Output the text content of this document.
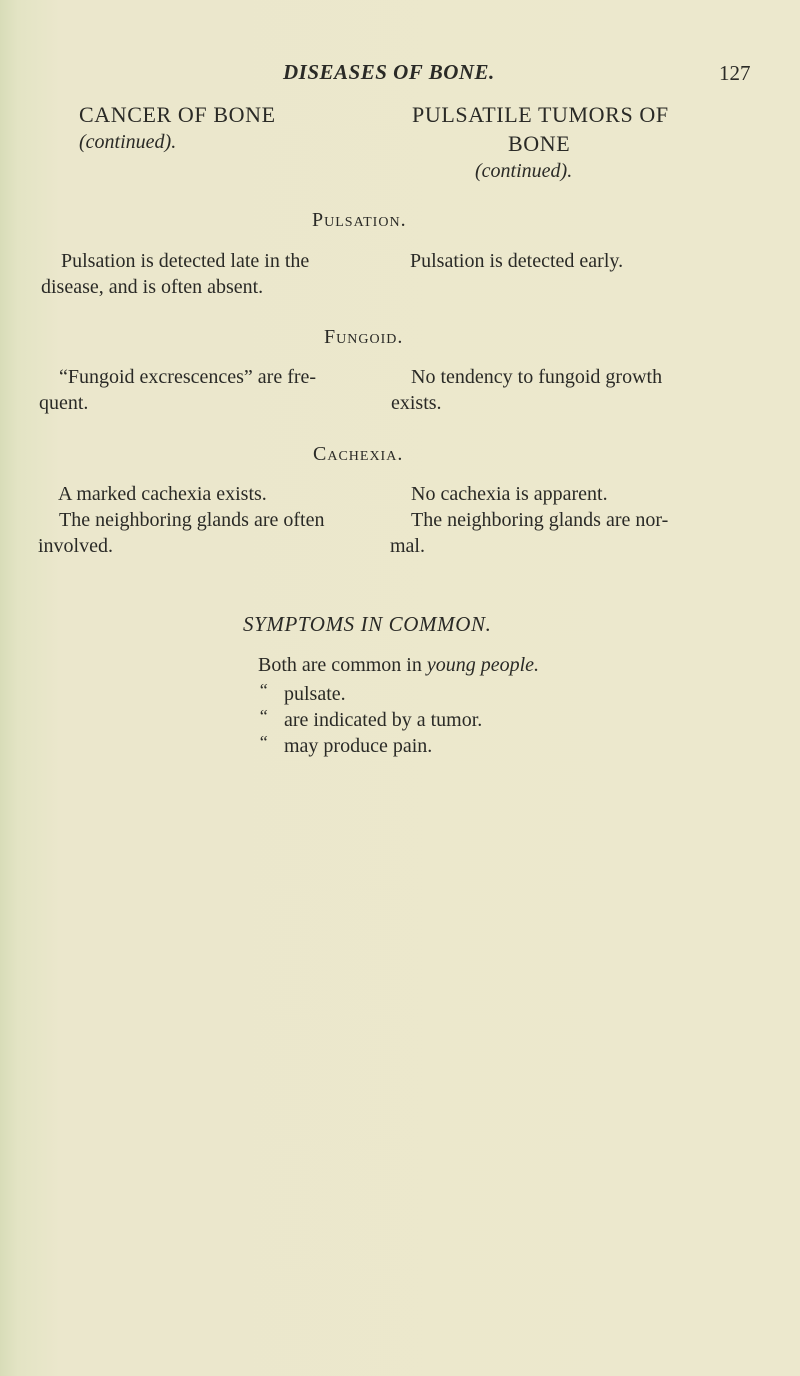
DISEASES OF BONE.	127
CANCER OF BONE
(continued).
PULSATILE TUMORS OF
BONE
(continued).
Pulsation.
Pulsation is detected late in the
disease, and is often absent.
Pulsation is detected early.
Fungoid.
“Fungoid excrescences” are fre-
quent.
No tendency to fungoid growth
exists.
Cachexia.
A marked cachexia exists.
The neighboring glands are often
involved.
No cachexia is apparent.
The neighboring glands are nor-
mal.
SYMPTOMS IN COMMON.
Both are common in young people.
“ pulsate.
“ are indicated by a tumor.
“ may produce pain.
